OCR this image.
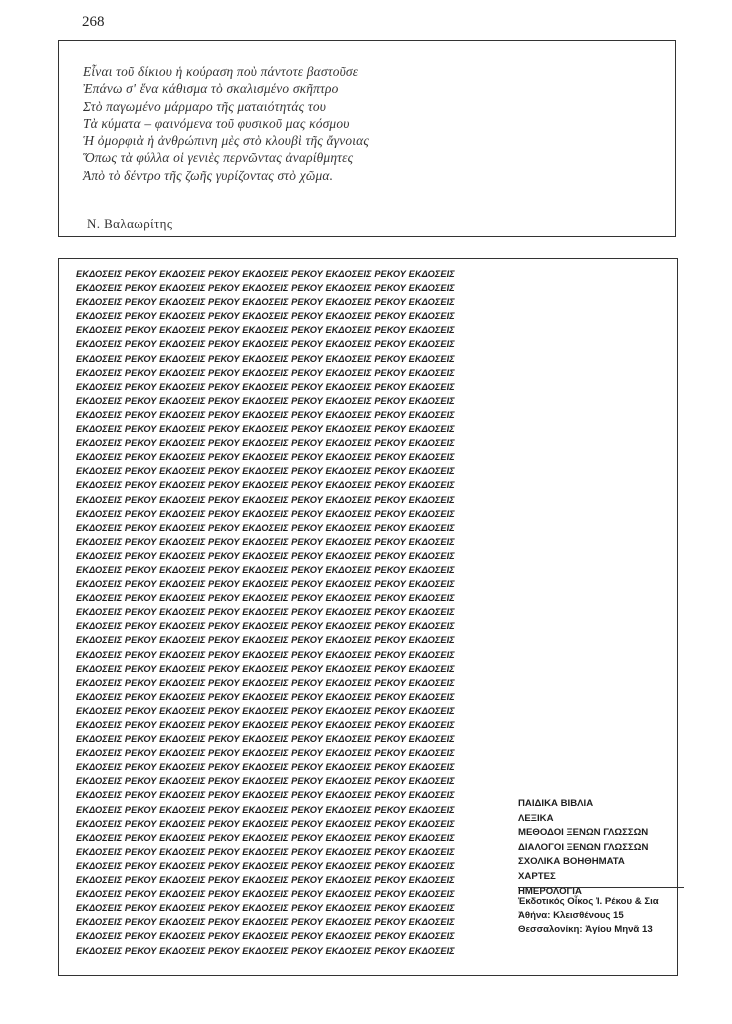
268
Εἶναι τοῦ δίκιου ἡ κούραση ποὺ πάντοτε βαστοῦσε
Ἐπάνω σ' ἕνα κάθισμα τὸ σκαλισμένο σκῆπτρο
Στὸ παγωμένο μάρμαρο τῆς ματαιότητάς του
Τὰ κύματα – φαινόμενα τοῦ φυσικοῦ μας κόσμου
Ἡ ὀμορφιὰ ἡ ἀνθρώπινη μὲς στὸ κλουβὶ τῆς ἄγνοιας
Ὅπως τὰ φύλλα οἱ γενιὲς περνῶντας ἀναρίθμητες
Ἀπὸ τὸ δέντρο τῆς ζωῆς γυρίζοντας στὸ χῶμα.
Ν. Βαλαωρίτης
ΕΚΔΟΣΕΙΣ ΡΕΚΟΥ ΕΚΔΟΣΕΙΣ ΡΕΚΟΥ ΕΚΔΟΣΕΙΣ ΡΕΚΟΥ ΕΚΔΟΣΕΙΣ ΡΕΚΟΥ ΕΚΔΟΣΕΙΣ
ΕΚΔΟΣΕΙΣ ΡΕΚΟΥ ΕΚΔΟΣΕΙΣ ΡΕΚΟΥ ΕΚΔΟΣΕΙΣ ΡΕΚΟΥ ΕΚΔΟΣΕΙΣ ΡΕΚΟΥ ΕΚΔΟΣΕΙΣ
ΕΚΔΟΣΕΙΣ ΡΕΚΟΥ ΕΚΔΟΣΕΙΣ ΡΕΚΟΥ ΕΚΔΟΣΕΙΣ ΡΕΚΟΥ ΕΚΔΟΣΕΙΣ ΡΕΚΟΥ ΕΚΔΟΣΕΙΣ
ΕΚΔΟΣΕΙΣ ΡΕΚΟΥ ΕΚΔΟΣΕΙΣ ΡΕΚΟΥ ΕΚΔΟΣΕΙΣ ΡΕΚΟΥ ΕΚΔΟΣΕΙΣ ΡΕΚΟΥ ΕΚΔΟΣΕΙΣ
ΕΚΔΟΣΕΙΣ ΡΕΚΟΥ ΕΚΔΟΣΕΙΣ ΡΕΚΟΥ ΕΚΔΟΣΕΙΣ ΡΕΚΟΥ ΕΚΔΟΣΕΙΣ ΡΕΚΟΥ ΕΚΔΟΣΕΙΣ
ΕΚΔΟΣΕΙΣ ΡΕΚΟΥ ΕΚΔΟΣΕΙΣ ΡΕΚΟΥ ΕΚΔΟΣΕΙΣ ΡΕΚΟΥ ΕΚΔΟΣΕΙΣ ΡΕΚΟΥ ΕΚΔΟΣΕΙΣ
ΕΚΔΟΣΕΙΣ ΡΕΚΟΥ ΕΚΔΟΣΕΙΣ ΡΕΚΟΥ ΕΚΔΟΣΕΙΣ ΡΕΚΟΥ ΕΚΔΟΣΕΙΣ ΡΕΚΟΥ ΕΚΔΟΣΕΙΣ
ΕΚΔΟΣΕΙΣ ΡΕΚΟΥ ΕΚΔΟΣΕΙΣ ΡΕΚΟΥ ΕΚΔΟΣΕΙΣ ΡΕΚΟΥ ΕΚΔΟΣΕΙΣ ΡΕΚΟΥ ΕΚΔΟΣΕΙΣ
ΕΚΔΟΣΕΙΣ ΡΕΚΟΥ ΕΚΔΟΣΕΙΣ ΡΕΚΟΥ ΕΚΔΟΣΕΙΣ ΡΕΚΟΥ ΕΚΔΟΣΕΙΣ ΡΕΚΟΥ ΕΚΔΟΣΕΙΣ
ΕΚΔΟΣΕΙΣ ΡΕΚΟΥ ΕΚΔΟΣΕΙΣ ΡΕΚΟΥ ΕΚΔΟΣΕΙΣ ΡΕΚΟΥ ΕΚΔΟΣΕΙΣ ΡΕΚΟΥ ΕΚΔΟΣΕΙΣ
ΕΚΔΟΣΕΙΣ ΡΕΚΟΥ ΕΚΔΟΣΕΙΣ ΡΕΚΟΥ ΕΚΔΟΣΕΙΣ ΡΕΚΟΥ ΕΚΔΟΣΕΙΣ ΡΕΚΟΥ ΕΚΔΟΣΕΙΣ
ΕΚΔΟΣΕΙΣ ΡΕΚΟΥ ΕΚΔΟΣΕΙΣ ΡΕΚΟΥ ΕΚΔΟΣΕΙΣ ΡΕΚΟΥ ΕΚΔΟΣΕΙΣ ΡΕΚΟΥ ΕΚΔΟΣΕΙΣ
ΕΚΔΟΣΕΙΣ ΡΕΚΟΥ ΕΚΔΟΣΕΙΣ ΡΕΚΟΥ ΕΚΔΟΣΕΙΣ ΡΕΚΟΥ ΕΚΔΟΣΕΙΣ ΡΕΚΟΥ ΕΚΔΟΣΕΙΣ
ΕΚΔΟΣΕΙΣ ΡΕΚΟΥ ΕΚΔΟΣΕΙΣ ΡΕΚΟΥ ΕΚΔΟΣΕΙΣ ΡΕΚΟΥ ΕΚΔΟΣΕΙΣ ΡΕΚΟΥ ΕΚΔΟΣΕΙΣ
ΕΚΔΟΣΕΙΣ ΡΕΚΟΥ ΕΚΔΟΣΕΙΣ ΡΕΚΟΥ ΕΚΔΟΣΕΙΣ ΡΕΚΟΥ ΕΚΔΟΣΕΙΣ ΡΕΚΟΥ ΕΚΔΟΣΕΙΣ
ΕΚΔΟΣΕΙΣ ΡΕΚΟΥ ΕΚΔΟΣΕΙΣ ΡΕΚΟΥ ΕΚΔΟΣΕΙΣ ΡΕΚΟΥ ΕΚΔΟΣΕΙΣ ΡΕΚΟΥ ΕΚΔΟΣΕΙΣ
ΕΚΔΟΣΕΙΣ ΡΕΚΟΥ ΕΚΔΟΣΕΙΣ ΡΕΚΟΥ ΕΚΔΟΣΕΙΣ ΡΕΚΟΥ ΕΚΔΟΣΕΙΣ ΡΕΚΟΥ ΕΚΔΟΣΕΙΣ
ΕΚΔΟΣΕΙΣ ΡΕΚΟΥ ΕΚΔΟΣΕΙΣ ΡΕΚΟΥ ΕΚΔΟΣΕΙΣ ΡΕΚΟΥ ΕΚΔΟΣΕΙΣ ΡΕΚΟΥ ΕΚΔΟΣΕΙΣ
ΕΚΔΟΣΕΙΣ ΡΕΚΟΥ ΕΚΔΟΣΕΙΣ ΡΕΚΟΥ ΕΚΔΟΣΕΙΣ ΡΕΚΟΥ ΕΚΔΟΣΕΙΣ ΡΕΚΟΥ ΕΚΔΟΣΕΙΣ
ΕΚΔΟΣΕΙΣ ΡΕΚΟΥ ΕΚΔΟΣΕΙΣ ΡΕΚΟΥ ΕΚΔΟΣΕΙΣ ΡΕΚΟΥ ΕΚΔΟΣΕΙΣ ΡΕΚΟΥ ΕΚΔΟΣΕΙΣ
ΕΚΔΟΣΕΙΣ ΡΕΚΟΥ ΕΚΔΟΣΕΙΣ ΡΕΚΟΥ ΕΚΔΟΣΕΙΣ ΡΕΚΟΥ ΕΚΔΟΣΕΙΣ ΡΕΚΟΥ ΕΚΔΟΣΕΙΣ
ΕΚΔΟΣΕΙΣ ΡΕΚΟΥ ΕΚΔΟΣΕΙΣ ΡΕΚΟΥ ΕΚΔΟΣΕΙΣ ΡΕΚΟΥ ΕΚΔΟΣΕΙΣ ΡΕΚΟΥ ΕΚΔΟΣΕΙΣ
ΕΚΔΟΣΕΙΣ ΡΕΚΟΥ ΕΚΔΟΣΕΙΣ ΡΕΚΟΥ ΕΚΔΟΣΕΙΣ ΡΕΚΟΥ ΕΚΔΟΣΕΙΣ ΡΕΚΟΥ ΕΚΔΟΣΕΙΣ
ΕΚΔΟΣΕΙΣ ΡΕΚΟΥ ΕΚΔΟΣΕΙΣ ΡΕΚΟΥ ΕΚΔΟΣΕΙΣ ΡΕΚΟΥ ΕΚΔΟΣΕΙΣ ΡΕΚΟΥ ΕΚΔΟΣΕΙΣ
ΕΚΔΟΣΕΙΣ ΡΕΚΟΥ ΕΚΔΟΣΕΙΣ ΡΕΚΟΥ ΕΚΔΟΣΕΙΣ ΡΕΚΟΥ ΕΚΔΟΣΕΙΣ ΡΕΚΟΥ ΕΚΔΟΣΕΙΣ
ΕΚΔΟΣΕΙΣ ΡΕΚΟΥ ΕΚΔΟΣΕΙΣ ΡΕΚΟΥ ΕΚΔΟΣΕΙΣ ΡΕΚΟΥ ΕΚΔΟΣΕΙΣ ΡΕΚΟΥ ΕΚΔΟΣΕΙΣ
ΕΚΔΟΣΕΙΣ ΡΕΚΟΥ ΕΚΔΟΣΕΙΣ ΡΕΚΟΥ ΕΚΔΟΣΕΙΣ ΡΕΚΟΥ ΕΚΔΟΣΕΙΣ ΡΕΚΟΥ ΕΚΔΟΣΕΙΣ
ΕΚΔΟΣΕΙΣ ΡΕΚΟΥ ΕΚΔΟΣΕΙΣ ΡΕΚΟΥ ΕΚΔΟΣΕΙΣ ΡΕΚΟΥ ΕΚΔΟΣΕΙΣ ΡΕΚΟΥ ΕΚΔΟΣΕΙΣ
ΕΚΔΟΣΕΙΣ ΡΕΚΟΥ ΕΚΔΟΣΕΙΣ ΡΕΚΟΥ ΕΚΔΟΣΕΙΣ ΡΕΚΟΥ ΕΚΔΟΣΕΙΣ ΡΕΚΟΥ ΕΚΔΟΣΕΙΣ
ΕΚΔΟΣΕΙΣ ΡΕΚΟΥ ΕΚΔΟΣΕΙΣ ΡΕΚΟΥ ΕΚΔΟΣΕΙΣ ΡΕΚΟΥ ΕΚΔΟΣΕΙΣ ΡΕΚΟΥ ΕΚΔΟΣΕΙΣ
ΕΚΔΟΣΕΙΣ ΡΕΚΟΥ ΕΚΔΟΣΕΙΣ ΡΕΚΟΥ ΕΚΔΟΣΕΙΣ ΡΕΚΟΥ ΕΚΔΟΣΕΙΣ ΡΕΚΟΥ ΕΚΔΟΣΕΙΣ
ΕΚΔΟΣΕΙΣ ΡΕΚΟΥ ΕΚΔΟΣΕΙΣ ΡΕΚΟΥ ΕΚΔΟΣΕΙΣ ΡΕΚΟΥ ΕΚΔΟΣΕΙΣ ΡΕΚΟΥ ΕΚΔΟΣΕΙΣ
ΕΚΔΟΣΕΙΣ ΡΕΚΟΥ ΕΚΔΟΣΕΙΣ ΡΕΚΟΥ ΕΚΔΟΣΕΙΣ ΡΕΚΟΥ ΕΚΔΟΣΕΙΣ ΡΕΚΟΥ ΕΚΔΟΣΕΙΣ
ΕΚΔΟΣΕΙΣ ΡΕΚΟΥ ΕΚΔΟΣΕΙΣ ΡΕΚΟΥ ΕΚΔΟΣΕΙΣ ΡΕΚΟΥ ΕΚΔΟΣΕΙΣ ΡΕΚΟΥ ΕΚΔΟΣΕΙΣ
ΕΚΔΟΣΕΙΣ ΡΕΚΟΥ ΕΚΔΟΣΕΙΣ ΡΕΚΟΥ ΕΚΔΟΣΕΙΣ ΡΕΚΟΥ ΕΚΔΟΣΕΙΣ ΡΕΚΟΥ ΕΚΔΟΣΕΙΣ
ΕΚΔΟΣΕΙΣ ΡΕΚΟΥ ΕΚΔΟΣΕΙΣ ΡΕΚΟΥ ΕΚΔΟΣΕΙΣ ΡΕΚΟΥ ΕΚΔΟΣΕΙΣ ΡΕΚΟΥ ΕΚΔΟΣΕΙΣ
ΕΚΔΟΣΕΙΣ ΡΕΚΟΥ ΕΚΔΟΣΕΙΣ ΡΕΚΟΥ ΕΚΔΟΣΕΙΣ ΡΕΚΟΥ ΕΚΔΟΣΕΙΣ ΡΕΚΟΥ ΕΚΔΟΣΕΙΣ
ΕΚΔΟΣΕΙΣ ΡΕΚΟΥ ΕΚΔΟΣΕΙΣ ΡΕΚΟΥ ΕΚΔΟΣΕΙΣ ΡΕΚΟΥ ΕΚΔΟΣΕΙΣ ΡΕΚΟΥ ΕΚΔΟΣΕΙΣ
ΕΚΔΟΣΕΙΣ ΡΕΚΟΥ ΕΚΔΟΣΕΙΣ ΡΕΚΟΥ ΕΚΔΟΣΕΙΣ ΡΕΚΟΥ ΕΚΔΟΣΕΙΣ ΡΕΚΟΥ ΕΚΔΟΣΕΙΣ
ΕΚΔΟΣΕΙΣ ΡΕΚΟΥ ΕΚΔΟΣΕΙΣ ΡΕΚΟΥ ΕΚΔΟΣΕΙΣ ΡΕΚΟΥ ΕΚΔΟΣΕΙΣ ΡΕΚΟΥ ΕΚΔΟΣΕΙΣ
ΕΚΔΟΣΕΙΣ ΡΕΚΟΥ ΕΚΔΟΣΕΙΣ ΡΕΚΟΥ ΕΚΔΟΣΕΙΣ ΡΕΚΟΥ ΕΚΔΟΣΕΙΣ ΡΕΚΟΥ ΕΚΔΟΣΕΙΣ
ΕΚΔΟΣΕΙΣ ΡΕΚΟΥ ΕΚΔΟΣΕΙΣ ΡΕΚΟΥ ΕΚΔΟΣΕΙΣ ΡΕΚΟΥ ΕΚΔΟΣΕΙΣ ΡΕΚΟΥ ΕΚΔΟΣΕΙΣ
ΕΚΔΟΣΕΙΣ ΡΕΚΟΥ ΕΚΔΟΣΕΙΣ ΡΕΚΟΥ ΕΚΔΟΣΕΙΣ ΡΕΚΟΥ ΕΚΔΟΣΕΙΣ ΡΕΚΟΥ ΕΚΔΟΣΕΙΣ
ΕΚΔΟΣΕΙΣ ΡΕΚΟΥ ΕΚΔΟΣΕΙΣ ΡΕΚΟΥ ΕΚΔΟΣΕΙΣ ΡΕΚΟΥ ΕΚΔΟΣΕΙΣ ΡΕΚΟΥ ΕΚΔΟΣΕΙΣ
ΕΚΔΟΣΕΙΣ ΡΕΚΟΥ ΕΚΔΟΣΕΙΣ ΡΕΚΟΥ ΕΚΔΟΣΕΙΣ ΡΕΚΟΥ ΕΚΔΟΣΕΙΣ ΡΕΚΟΥ ΕΚΔΟΣΕΙΣ
ΕΚΔΟΣΕΙΣ ΡΕΚΟΥ ΕΚΔΟΣΕΙΣ ΡΕΚΟΥ ΕΚΔΟΣΕΙΣ ΡΕΚΟΥ ΕΚΔΟΣΕΙΣ ΡΕΚΟΥ ΕΚΔΟΣΕΙΣ
ΕΚΔΟΣΕΙΣ ΡΕΚΟΥ ΕΚΔΟΣΕΙΣ ΡΕΚΟΥ ΕΚΔΟΣΕΙΣ ΡΕΚΟΥ ΕΚΔΟΣΕΙΣ ΡΕΚΟΥ ΕΚΔΟΣΕΙΣ
ΕΚΔΟΣΕΙΣ ΡΕΚΟΥ ΕΚΔΟΣΕΙΣ ΡΕΚΟΥ ΕΚΔΟΣΕΙΣ ΡΕΚΟΥ ΕΚΔΟΣΕΙΣ ΡΕΚΟΥ ΕΚΔΟΣΕΙΣ
ΕΚΔΟΣΕΙΣ ΡΕΚΟΥ ΕΚΔΟΣΕΙΣ ΡΕΚΟΥ ΕΚΔΟΣΕΙΣ ΡΕΚΟΥ ΕΚΔΟΣΕΙΣ ΡΕΚΟΥ ΕΚΔΟΣΕΙΣ
ΠΑΙΔΙΚΑ ΒΙΒΛΙΑ
ΛΕΞΙΚΑ
ΜΕΘΟΔΟΙ ΞΕΝΩΝ ΓΛΩΣΣΩΝ
ΔΙΑΛΟΓΟΙ ΞΕΝΩΝ ΓΛΩΣΣΩΝ
ΣΧΟΛΙΚΑ ΒΟΗΘΗΜΑΤΑ
ΧΑΡΤΕΣ
ΗΜΕΡΟΛΟΓΙΑ
Ἐκδοτικός Οἶκος Ἰ. Ρέκου & Σια
Ἀθήνα: Κλεισθένους 15
Θεσσαλονίκη: Ἁγίου Μηνᾶ 13
